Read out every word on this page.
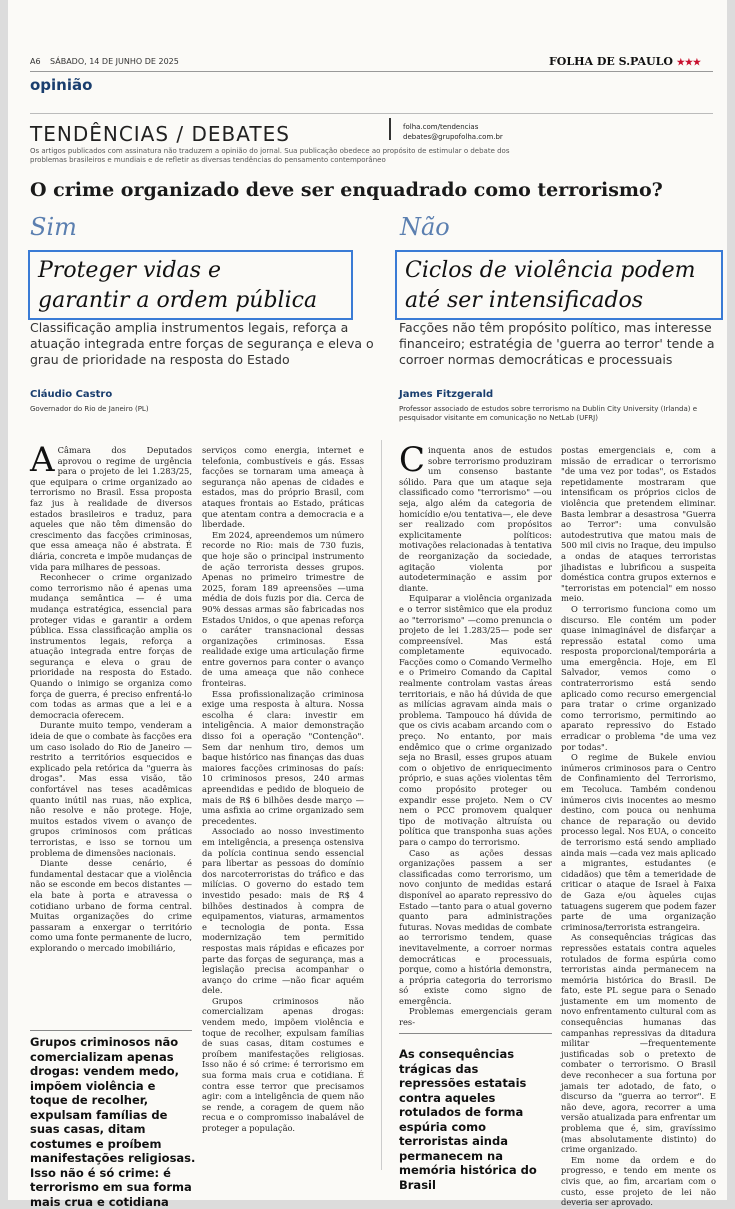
A6 SÁBADO, 14 DE JUNHO DE 2025	FOLHA DE S.PAULO ★★★
opinião
TENDÊNCIAS / DEBATES	folha.com/tendencias
debates@grupofolha.com.br
Os artigos publicados com assinatura não traduzem a opinião do jornal. Sua publicação obedece ao propósito de estimular o debate dos problemas brasileiros e mundiais e de refletir as diversas tendências do pensamento contemporâneo
O crime organizado deve ser enquadrado como terrorismo?
Sim
Proteger vidas e
garantir a ordem pública
Classificação amplia instrumentos legais, reforça a atuação integrada entre forças de segurança e eleva o grau de prioridade na resposta do Estado
Cláudio Castro
Governador do Rio de Janeiro (PL)

ACâmara dos Deputados aprovou o regime de urgência para o projeto de lei 1.283/25, que equipara o crime organizado ao terrorismo no Brasil. Essa proposta faz jus à realidade de diversos estados brasileiros e traduz, para aqueles que não têm dimensão do crescimento das facções criminosas, que essa ameaça não é abstrata. É diária, concreta e impõe mudanças de vida para milhares de pessoas.

Reconhecer o crime organizado como terrorismo não é apenas uma mudança semântica — é uma mudança estratégica, essencial para proteger vidas e garantir a ordem pública. Essa classificação amplia os instrumentos legais, reforça a atuação integrada entre forças de segurança e eleva o grau de prioridade na resposta do Estado. Quando o inimigo se organiza como força de guerra, é preciso enfrentá-lo com todas as armas que a lei e a democracia oferecem.

Durante muito tempo, venderam a ideia de que o combate às facções era um caso isolado do Rio de Janeiro —restrito a territórios esquecidos e explicado pela retórica da "guerra às drogas". Mas essa visão, tão confortável nas teses acadêmicas quanto inútil nas ruas, não explica, não resolve e não protege. Hoje, muitos estados vivem o avanço de grupos criminosos com práticas terroristas, e isso se tornou um problema de dimensões nacionais.

Diante desse cenário, é fundamental destacar que a violência não se esconde em becos distantes —ela bate à porta e atravessa o cotidiano urbano de forma central. Muitas organizações do crime passaram a enxergar o território como uma fonte permanente de lucro, explorando o mercado imobiliário,

Grupos criminosos não comercializam apenas drogas: vendem medo, impõem violência e toque de recolher, expulsam famílias de suas casas, ditam costumes e proíbem manifestações religiosas. Isso não é só crime: é terrorismo em sua forma mais crua e cotidiana

serviços como energia, internet e telefonia, combustíveis e gás. Essas facções se tornaram uma ameaça à segurança não apenas de cidades e estados, mas do próprio Brasil, com ataques frontais ao Estado, práticas que atentam contra a democracia e a liberdade.

Em 2024, apreendemos um número recorde no Rio: mais de 730 fuzis, que hoje são o principal instrumento de ação terrorista desses grupos. Apenas no primeiro trimestre de 2025, foram 189 apreensões —uma média de dois fuzis por dia. Cerca de 90% dessas armas são fabricadas nos Estados Unidos, o que apenas reforça o caráter transnacional dessas organizações criminosas. Essa realidade exige uma articulação firme entre governos para conter o avanço de uma ameaça que não conhece fronteiras.

Essa profissionalização criminosa exige uma resposta à altura. Nossa escolha é clara: investir em inteligência. A maior demonstração disso foi a operação "Contenção". Sem dar nenhum tiro, demos um baque histórico nas finanças das duas maiores facções criminosas do país: 10 criminosos presos, 240 armas apreendidas e pedido de bloqueio de mais de R$ 6 bilhões desde março —uma asfixia ao crime organizado sem precedentes.

Associado ao nosso investimento em inteligência, a presença ostensiva da polícia continua sendo essencial para libertar as pessoas do domínio dos narcoterroristas do tráfico e das milícias. O governo do estado tem investido pesado: mais de R$ 4 bilhões destinados à compra de equipamentos, viaturas, armamentos e tecnologia de ponta. Essa modernização tem permitido respostas mais rápidas e eficazes por parte das forças de segurança, mas a legislação precisa acompanhar o avanço do crime —não ficar aquém dele.

Grupos criminosos não comercializam apenas drogas: vendem medo, impõem violência e toque de recolher, expulsam famílias de suas casas, ditam costumes e proíbem manifestações religiosas. Isso não é só crime: é terrorismo em sua forma mais crua e cotidiana. É contra esse terror que precisamos agir: com a inteligência de quem não se rende, a coragem de quem não recua e o compromisso inabalável de proteger a população.

Não
Ciclos de violência podem
até ser intensificados
Facções não têm propósito político, mas interesse financeiro; estratégia de 'guerra ao terror' tende a corroer normas democráticas e processuais
James Fitzgerald
Professor associado de estudos sobre terrorismo na Dublin City University (Irlanda) e pesquisador visitante em comunicação no NetLab (UFRJ)

Cinquenta anos de estudos sobre terrorismo produziram um consenso bastante sólido. Para que um ataque seja classificado como "terrorismo" —ou seja, algo além da categoria de homicídio e/ou tentativa—, ele deve ser realizado com propósitos explicitamente políticos: motivações relacionadas à tentativa de reorganização da sociedade, agitação violenta por autodeterminação e assim por diante.

Equiparar a violência organizada e o terror sistêmico que ela produz ao "terrorismo" —como prenuncia o projeto de lei 1.283/25— pode ser compreensível. Mas está completamente equivocado. Facções como o Comando Vermelho e o Primeiro Comando da Capital realmente controlam vastas áreas territoriais, e não há dúvida de que as milícias agravam ainda mais o problema. Tampouco há dúvida de que os civis acabam arcando com o preço. No entanto, por mais endêmico que o crime organizado seja no Brasil, esses grupos atuam com o objetivo de enriquecimento próprio, e suas ações violentas têm como propósito proteger ou expandir esse projeto. Nem o CV nem o PCC promovem qualquer tipo de motivação altruísta ou política que transponha suas ações para o campo do terrorismo.

Caso as ações dessas organizações passem a ser classificadas como terrorismo, um novo conjunto de medidas estará disponível ao aparato repressivo do Estado —tanto para o atual governo quanto para administrações futuras. Novas medidas de combate ao terrorismo tendem, quase inevitavelmente, a corroer normas democráticas e processuais, porque, como a história demonstra, a própria categoria do terrorismo só existe como signo de emergência.

Problemas emergenciais geram res-

As consequências trágicas das repressões estatais contra aqueles rotulados de forma espúria como terroristas ainda permanecem na memória histórica do Brasil

postas emergenciais e, com a missão de erradicar o terrorismo "de uma vez por todas", os Estados repetidamente mostraram que intensificam os próprios ciclos de violência que pretendem eliminar. Basta lembrar a desastrosa "Guerra ao Terror": uma convulsão autodestrutiva que matou mais de 500 mil civis no Iraque, deu impulso a ondas de ataques terroristas jihadistas e lubrificou a suspeita doméstica contra grupos externos e "terroristas em potencial" em nosso meio.

O terrorismo funciona como um discurso. Ele contém um poder quase inimaginável de disfarçar a repressão estatal como uma resposta proporcional/temporária a uma emergência. Hoje, em El Salvador, vemos como o contraterrorismo está sendo aplicado como recurso emergencial para tratar o crime organizado como terrorismo, permitindo ao aparato repressivo do Estado erradicar o problema "de uma vez por todas".

O regime de Bukele enviou inúmeros criminosos para o Centro de Confinamiento del Terrorismo, em Tecoluca. Também condenou inúmeros civis inocentes ao mesmo destino, com pouca ou nenhuma chance de reparação ou devido processo legal. Nos EUA, o conceito de terrorismo está sendo ampliado ainda mais —cada vez mais aplicado a migrantes, estudantes (e cidadãos) que têm a temeridade de criticar o ataque de Israel à Faixa de Gaza e/ou àqueles cujas tatuagens sugerem que podem fazer parte de uma organização criminosa/terrorista estrangeira.

As consequências trágicas das repressões estatais contra aqueles rotulados de forma espúria como terroristas ainda permanecem na memória histórica do Brasil. De fato, este PL segue para o Senado justamente em um momento de novo enfrentamento cultural com as consequências humanas das campanhas repressivas da ditadura militar —frequentemente justificadas sob o pretexto de combater o terrorismo. O Brasil deve reconhecer a sua fortuna por jamais ter adotado, de fato, o discurso da "guerra ao terror". E não deve, agora, recorrer a uma versão atualizada para enfrentar um problema que é, sim, gravíssimo (mas absolutamente distinto) do crime organizado.

Em nome da ordem e do progresso, e tendo em mente os civis que, ao fim, arcariam com o custo, esse projeto de lei não deveria ser aprovado.
